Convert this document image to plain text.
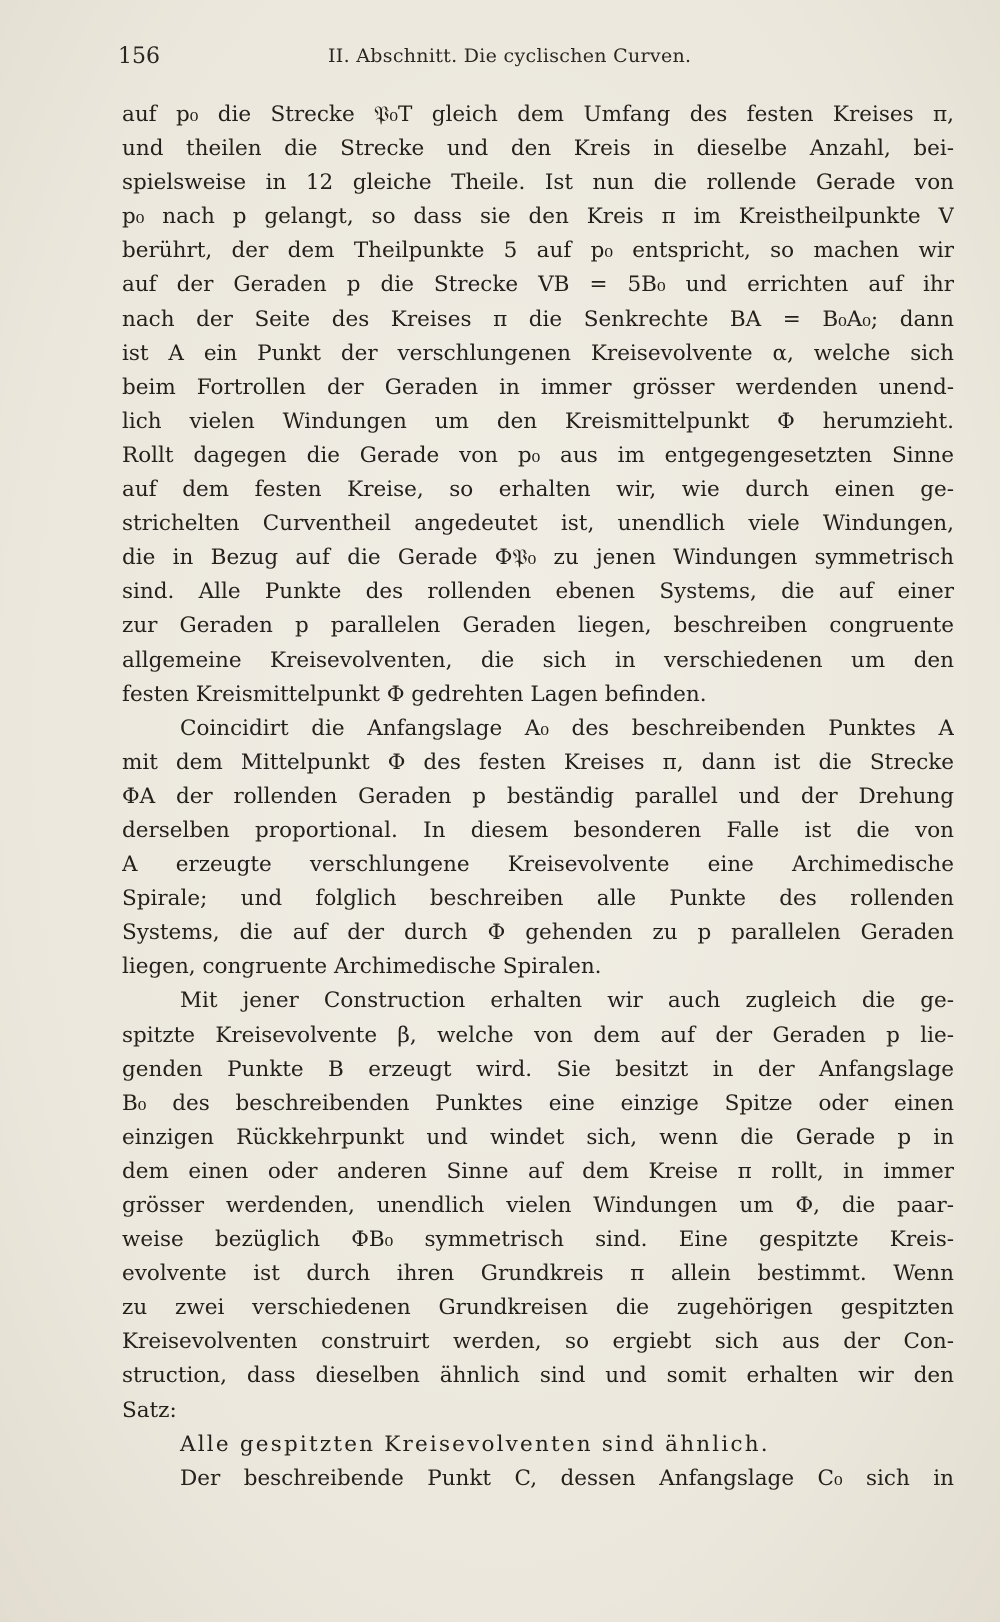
156	II. Abschnitt. Die cyclischen Curven.
auf p₀ die Strecke 𝔓₀T gleich dem Umfang des festen Kreises π,
und theilen die Strecke und den Kreis in dieselbe Anzahl, bei-
spielsweise in 12 gleiche Theile. Ist nun die rollende Gerade von
p₀ nach p gelangt, so dass sie den Kreis π im Kreistheilpunkte V
berührt, der dem Theilpunkte 5 auf p₀ entspricht, so machen wir
auf der Geraden p die Strecke VB = 5B₀ und errichten auf ihr
nach der Seite des Kreises π die Senkrechte BA = B₀A₀; dann
ist A ein Punkt der verschlungenen Kreisevolvente α, welche sich
beim Fortrollen der Geraden in immer grösser werdenden unend-
lich vielen Windungen um den Kreismittelpunkt Φ herumzieht.
Rollt dagegen die Gerade von p₀ aus im entgegengesetzten Sinne
auf dem festen Kreise, so erhalten wir, wie durch einen ge-
strichelten Curventheil angedeutet ist, unendlich viele Windungen,
die in Bezug auf die Gerade Φ𝔓₀ zu jenen Windungen symmetrisch
sind. Alle Punkte des rollenden ebenen Systems, die auf einer
zur Geraden p parallelen Geraden liegen, beschreiben congruente
allgemeine Kreisevolventen, die sich in verschiedenen um den
festen Kreismittelpunkt Φ gedrehten Lagen befinden.
Coincidirt die Anfangslage A₀ des beschreibenden Punktes A
mit dem Mittelpunkt Φ des festen Kreises π, dann ist die Strecke
ΦA der rollenden Geraden p beständig parallel und der Drehung
derselben proportional. In diesem besonderen Falle ist die von
A erzeugte verschlungene Kreisevolvente eine Archimedische
Spirale; und folglich beschreiben alle Punkte des rollenden
Systems, die auf der durch Φ gehenden zu p parallelen Geraden
liegen, congruente Archimedische Spiralen.
Mit jener Construction erhalten wir auch zugleich die ge-
spitzte Kreisevolvente β, welche von dem auf der Geraden p lie-
genden Punkte B erzeugt wird. Sie besitzt in der Anfangslage
B₀ des beschreibenden Punktes eine einzige Spitze oder einen
einzigen Rückkehrpunkt und windet sich, wenn die Gerade p in
dem einen oder anderen Sinne auf dem Kreise π rollt, in immer
grösser werdenden, unendlich vielen Windungen um Φ, die paar-
weise bezüglich ΦB₀ symmetrisch sind. Eine gespitzte Kreis-
evolvente ist durch ihren Grundkreis π allein bestimmt. Wenn
zu zwei verschiedenen Grundkreisen die zugehörigen gespitzten
Kreisevolventen construirt werden, so ergiebt sich aus der Con-
struction, dass dieselben ähnlich sind und somit erhalten wir den
Satz:
Alle gespitzten Kreisevolventen sind ähnlich.
Der beschreibende Punkt C, dessen Anfangslage C₀ sich in
